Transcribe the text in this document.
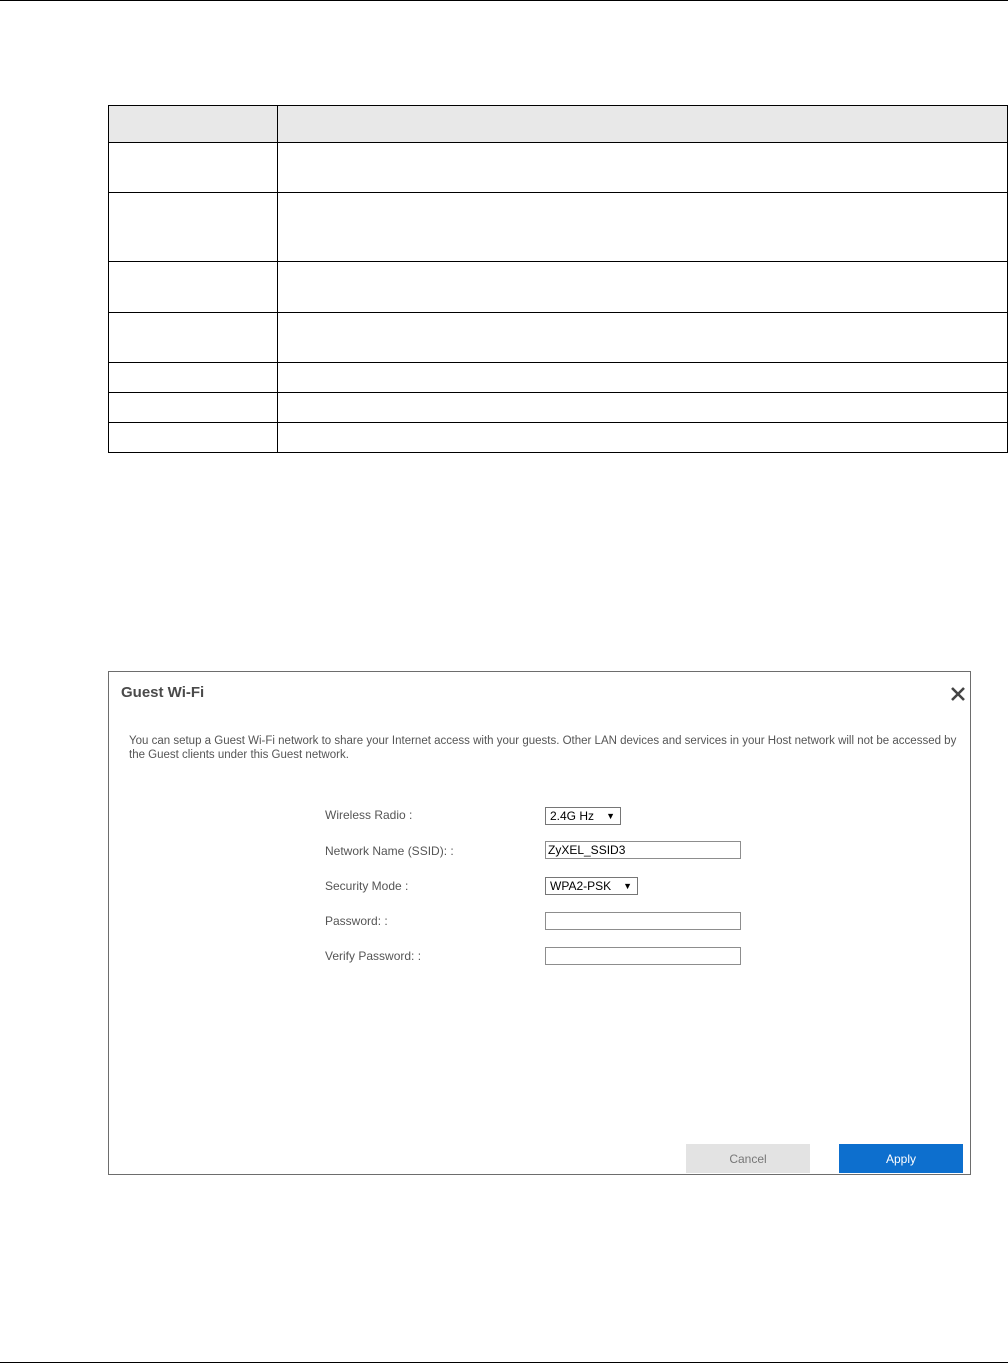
Guest Wi-Fi
You can setup a Guest Wi-Fi network to share your Internet access with your guests. Other LAN devices and services in your Host network will not be accessed by the Guest clients under this Guest network.
Wireless Radio :	2.4G Hz ▼
Network Name (SSID): :
ZyXEL_SSID3
Security Mode :	WPA2-PSK ▼
Password: :
Verify Password: :
Cancel	Apply
